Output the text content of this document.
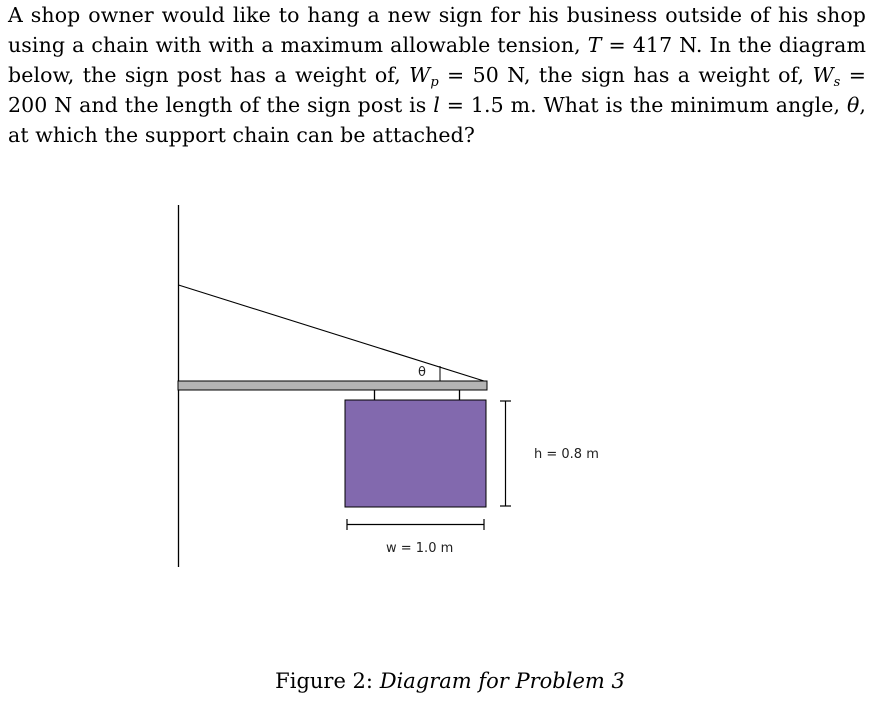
A shop owner would like to hang a new sign for his business outside of his shop using a chain with with a maximum allowable tension, T = 417 N. In the diagram below, the sign post has a weight of, $W_p = 50$ N, the sign has a weight of, $W_s = 200$ N and the length of the sign post is l = 1.5 m. What is the minimum angle, θ, at which the support chain can be attached?
θ
h = 0.8 m
w = 1.0 m
Figure 2: Diagram for Problem 3
